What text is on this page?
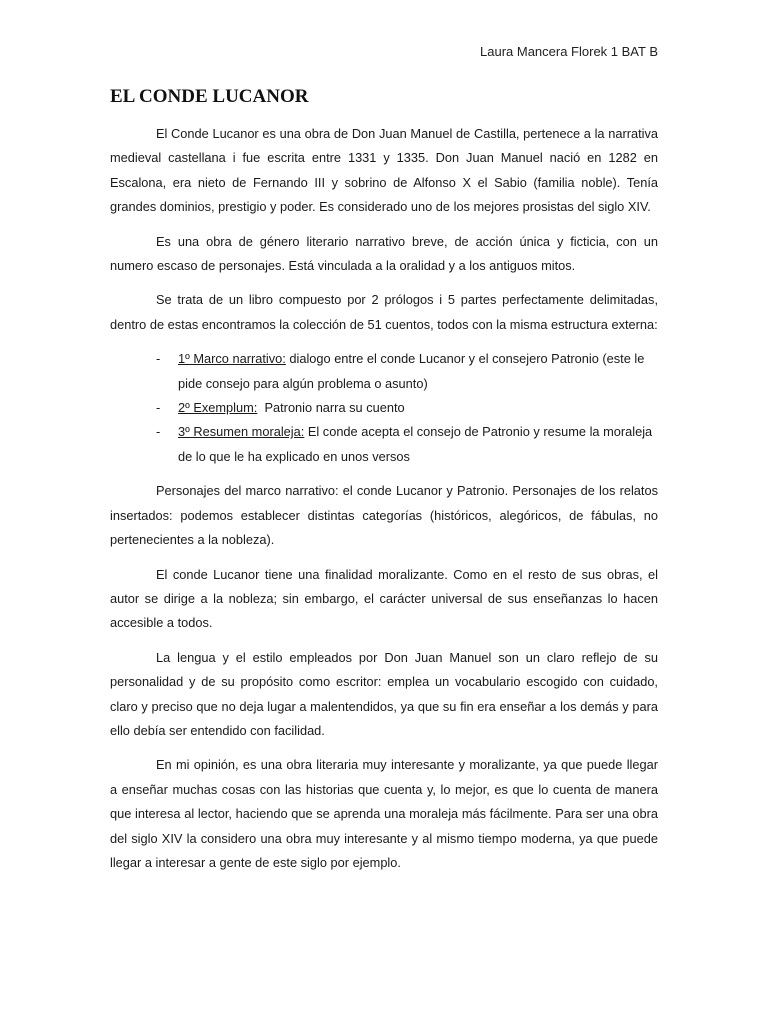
Laura Mancera Florek 1 BAT B
EL CONDE LUCANOR

El Conde Lucanor es una obra de Don Juan Manuel de Castilla, pertenece a la narrativa medieval castellana i fue escrita entre 1331 y 1335. Don Juan Manuel nació en 1282 en Escalona, era nieto de Fernando III y sobrino de Alfonso X el Sabio (familia noble). Tenía grandes dominios, prestigio y poder. Es considerado uno de los mejores prosistas del siglo XIV.

Es una obra de género literario narrativo breve, de acción única y ficticia, con un numero escaso de personajes. Está vinculada a la oralidad y a los antiguos mitos.

Se trata de un libro compuesto por 2 prólogos i 5 partes perfectamente delimitadas, dentro de estas encontramos la colección de 51 cuentos, todos con la misma estructura externa:

- 1º Marco narrativo: dialogo entre el conde Lucanor y el consejero Patronio (este le pide consejo para algún problema o asunto)
- 2º Exemplum:  Patronio narra su cuento
- 3º Resumen moraleja: El conde acepta el consejo de Patronio y resume la moraleja de lo que le ha explicado en unos versos

Personajes del marco narrativo: el conde Lucanor y Patronio. Personajes de los relatos insertados: podemos establecer distintas categorías (históricos, alegóricos, de fábulas, no pertenecientes a la nobleza).

El conde Lucanor tiene una finalidad moralizante. Como en el resto de sus obras, el autor se dirige a la nobleza; sin embargo, el carácter universal de sus enseñanzas lo hacen accesible a todos.

La lengua y el estilo empleados por Don Juan Manuel son un claro reflejo de su personalidad y de su propósito como escritor: emplea un vocabulario escogido con cuidado, claro y preciso que no deja lugar a malentendidos, ya que su fin era enseñar a los demás y para ello debía ser entendido con facilidad.

En mi opinión, es una obra literaria muy interesante y moralizante, ya que puede llegar a enseñar muchas cosas con las historias que cuenta y, lo mejor, es que lo cuenta de manera que interesa al lector, haciendo que se aprenda una moraleja más fácilmente. Para ser una obra del siglo XIV la considero una obra muy interesante y al mismo tiempo moderna, ya que puede llegar a interesar a gente de este siglo por ejemplo.
